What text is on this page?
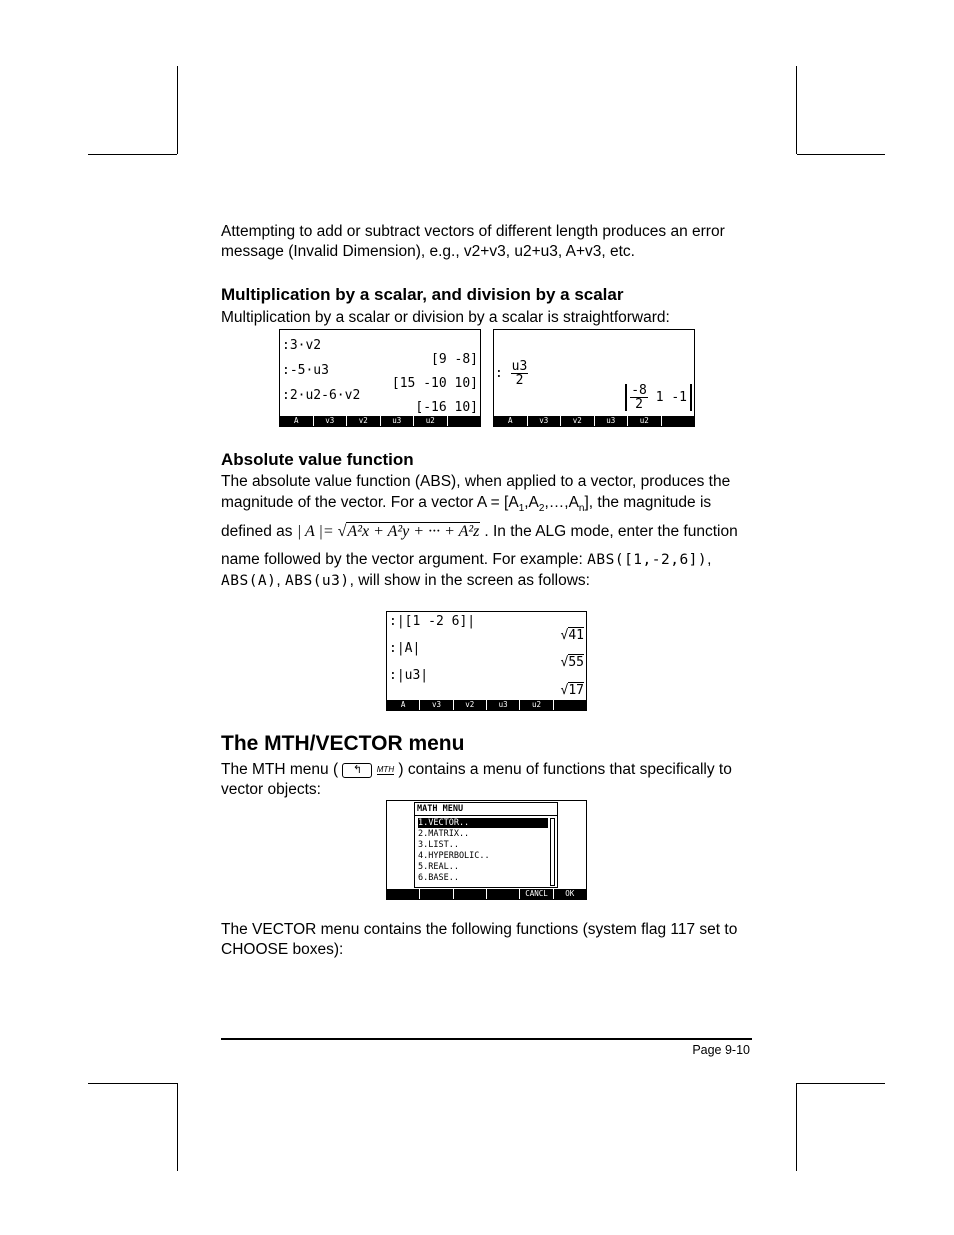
Attempting to add or subtract vectors of different length produces an error
message (Invalid Dimension), e.g., v2+v3, u2+u3, A+v3, etc.
Multiplication by a scalar, and division by a scalar
Multiplication by a scalar or division by a scalar is straightforward:
:3·v2
[9 -8]
:-5·u3
[15 -10 10]
:2·u2-6·v2
[-16 10]
A	v3	v2	u3	u2
: $\frac{u3}{2}$
$\frac{-8}{2} 1$ -1
A	v3	v2	u3	u2
Absolute value function
The absolute value function (ABS), when applied to a vector, produces the
magnitude of the vector. For a vector $A = [A_1,A_2,\dots,A_n]$, the magnitude is
defined as | A |= √A²x + A²y + ··· + A²z . In the ALG mode, enter the function
name followed by the vector argument. For example: ABS([1,-2,6]),
ABS(A), ABS(u3), will show in the screen as follows:
:|[1 -2 6]|
√41
:|A|
√55
:|u3|
√17
A	v3	v2	u3	u2
The MTH/VECTOR menu
The MTH menu ( ↰ MTH ) contains a menu of functions that specifically to
vector objects:
MATH MENU
1.VECTOR..
2.MATRIX..
3.LIST..
4.HYPERBOLIC..
5.REAL..
6.BASE..
CANCL	OK
The VECTOR menu contains the following functions (system flag 117 set to
CHOOSE boxes):
Page 9-10
